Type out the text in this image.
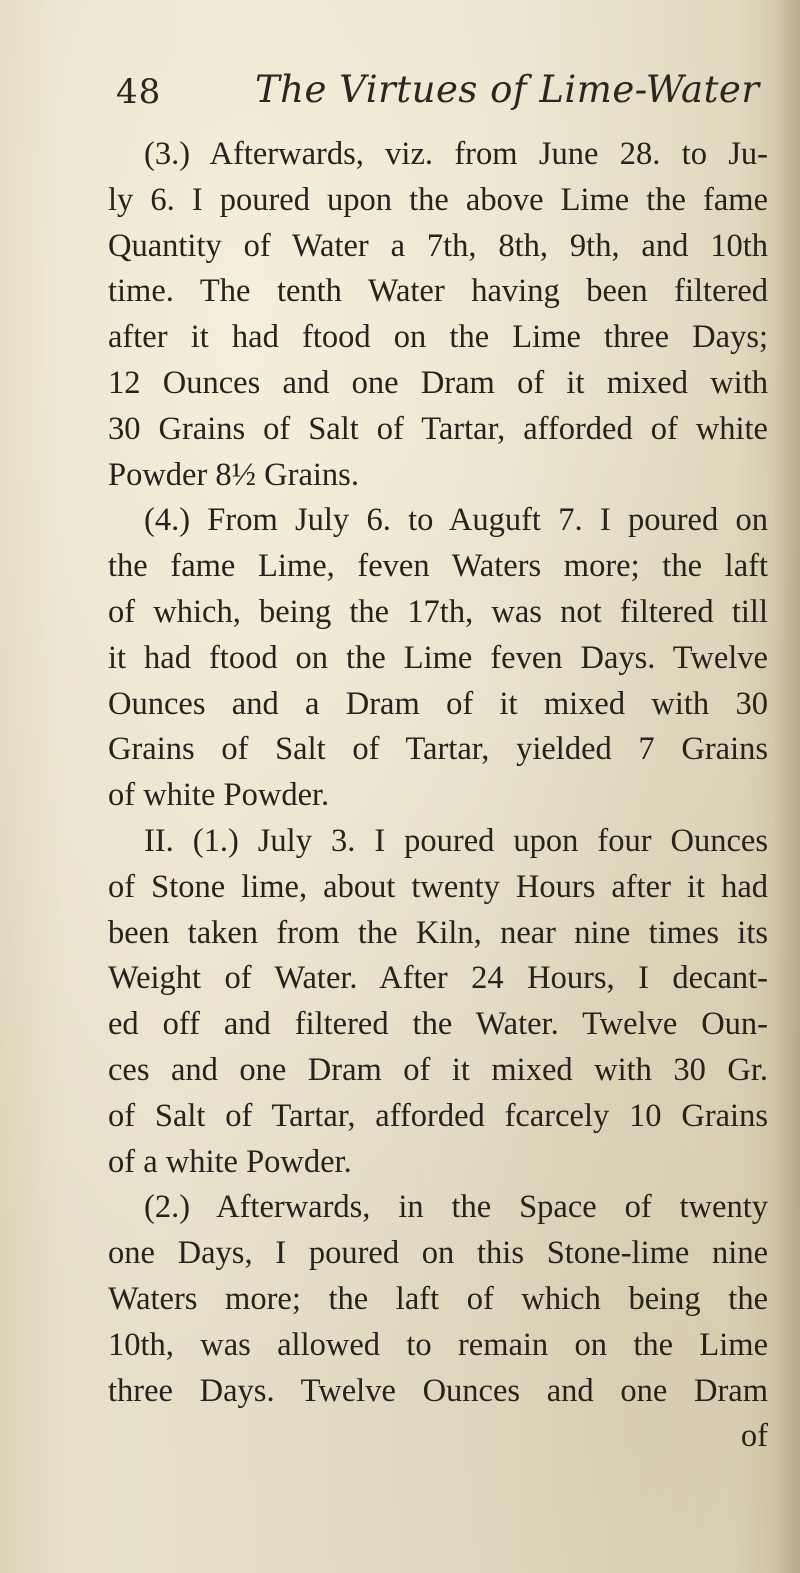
48	The Virtues of Lime-Water
(3.) Afterwards, viz. from June 28. to Ju-
ly 6. I poured upon the above Lime the fame
Quantity of Water a 7th, 8th, 9th, and 10th
time. The tenth Water having been filtered
after it had ftood on the Lime three Days;
12 Ounces and one Dram of it mixed with
30 Grains of Salt of Tartar, afforded of white
Powder 8½ Grains.
(4.) From July 6. to Auguft 7. I poured on
the fame Lime, feven Waters more; the laft
of which, being the 17th, was not filtered till
it had ftood on the Lime feven Days. Twelve
Ounces and a Dram of it mixed with 30
Grains of Salt of Tartar, yielded 7 Grains
of white Powder.
II. (1.) July 3. I poured upon four Ounces
of Stone lime, about twenty Hours after it had
been taken from the Kiln, near nine times its
Weight of Water. After 24 Hours, I decant-
ed off and filtered the Water. Twelve Oun-
ces and one Dram of it mixed with 30 Gr.
of Salt of Tartar, afforded fcarcely 10 Grains
of a white Powder.
(2.) Afterwards, in the Space of twenty
one Days, I poured on this Stone-lime nine
Waters more; the laft of which being the
10th, was allowed to remain on the Lime
three Days. Twelve Ounces and one Dram
of
